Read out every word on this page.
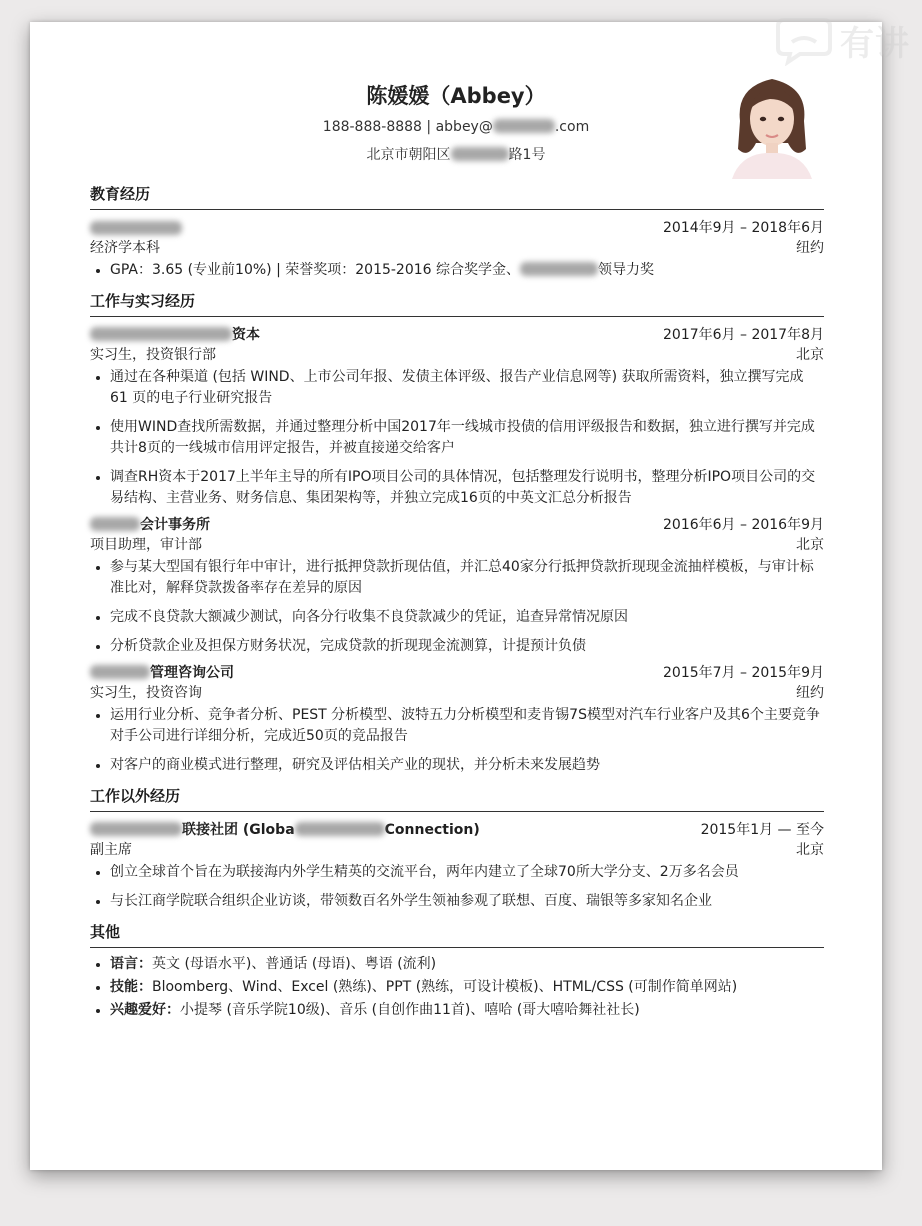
陈媛媛（Abbey）
188-888-8888 | abbey@	.com
北京市朝阳区	路1号
教育经历
2014年9月 – 2018年6月
经济学本科	纽约
• GPA：3.65 (专业前10%) | 荣誉奖项：2015-2016 综合奖学金、	领导力奖
工作与实习经历
资本	2017年6月 – 2017年8月
实习生，投资银行部	北京
• 通过在各种渠道 (包括 WIND、上市公司年报、发债主体评级、报告产业信息网等) 获取所需资料，独立撰写完成 61 页的电子行业研究报告
• 使用WIND查找所需数据，并通过整理分析中国2017年一线城市投债的信用评级报告和数据，独立进行撰写并完成共计8页的一线城市信用评定报告，并被直接递交给客户
• 调查RH资本于2017上半年主导的所有IPO项目公司的具体情况，包括整理发行说明书，整理分析IPO项目公司的交易结构、主营业务、财务信息、集团架构等，并独立完成16页的中英文汇总分析报告
会计事务所	2016年6月 – 2016年9月
项目助理，审计部	北京
• 参与某大型国有银行年中审计，进行抵押贷款折现估值，并汇总40家分行抵押贷款折现现金流抽样模板，与审计标准比对，解释贷款拨备率存在差异的原因
• 完成不良贷款大额减少测试，向各分行收集不良贷款减少的凭证，追查异常情况原因
• 分析贷款企业及担保方财务状况，完成贷款的折现现金流测算，计提预计负债
管理咨询公司	2015年7月 – 2015年9月
实习生，投资咨询	纽约
• 运用行业分析、竞争者分析、PEST 分析模型、波特五力分析模型和麦肯锡7S模型对汽车行业客户及其6个主要竞争对手公司进行详细分析，完成近50页的竞品报告
• 对客户的商业模式进行整理，研究及评估相关产业的现状，并分析未来发展趋势
工作以外经历
联接社团 (Globa	Connection)	2015年1月 — 至今
副主席	北京
• 创立全球首个旨在为联接海内外学生精英的交流平台，两年内建立了全球70所大学分支、2万多名会员
• 与长江商学院联合组织企业访谈，带领数百名外学生领袖参观了联想、百度、瑞银等多家知名企业
其他
• 语言：英文 (母语水平)、普通话 (母语)、粤语 (流利)
• 技能：Bloomberg、Wind、Excel (熟练)、PPT (熟练，可设计模板)、HTML/CSS (可制作简单网站)
• 兴趣爱好：小提琴 (音乐学院10级)、音乐 (自创作曲11首)、嘻哈 (哥大嘻哈舞社社长)
有讲
